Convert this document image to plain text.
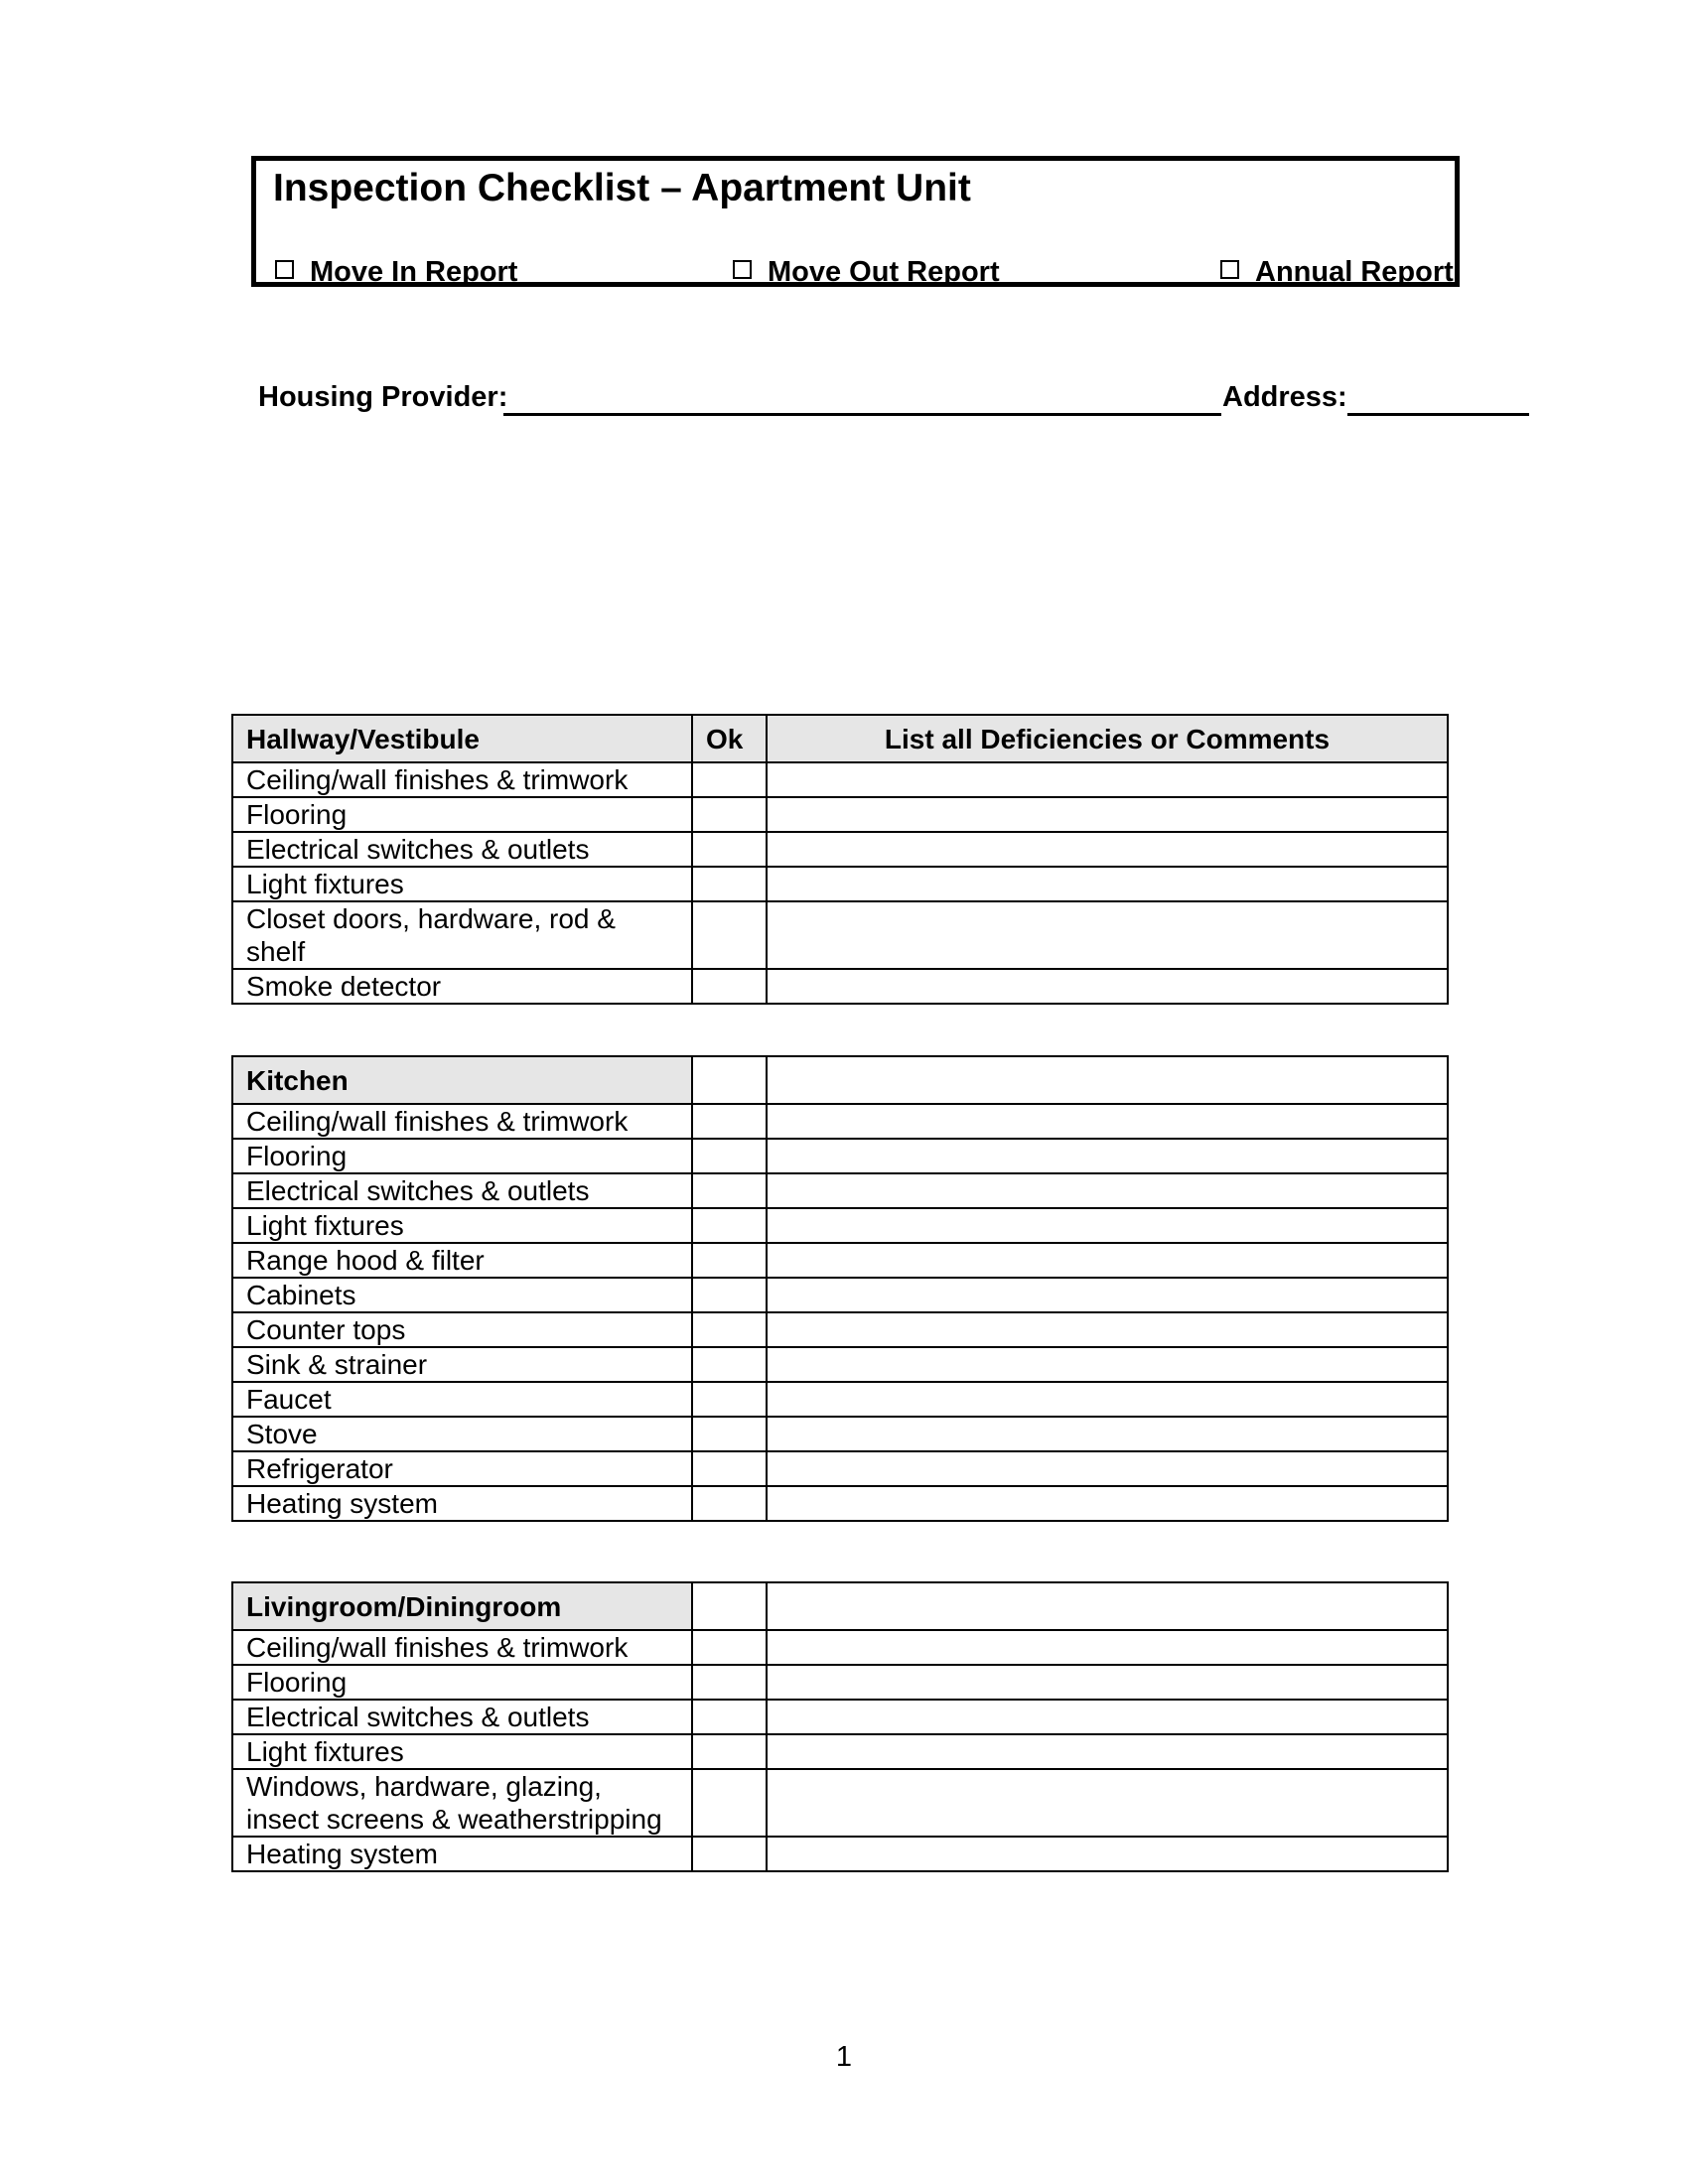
Inspection Checklist – Apartment Unit
Move In Report	Move Out Report	Annual Report
Housing Provider:	Address:
Hallway/Vestibule	Ok	List all Deficiencies or Comments
Ceiling/wall finishes & trimwork		
Flooring		
Electrical switches & outlets		
Light fixtures		
Closet doors, hardware, rod & shelf		
Smoke detector		
Kitchen		
Ceiling/wall finishes & trimwork		
Flooring		
Electrical switches & outlets		
Light fixtures		
Range hood & filter		
Cabinets		
Counter tops		
Sink & strainer		
Faucet		
Stove		
Refrigerator		
Heating system		
Livingroom/Diningroom		
Ceiling/wall finishes & trimwork		
Flooring		
Electrical switches & outlets		
Light fixtures		
Windows, hardware, glazing, insect screens & weatherstripping		
Heating system		
1
